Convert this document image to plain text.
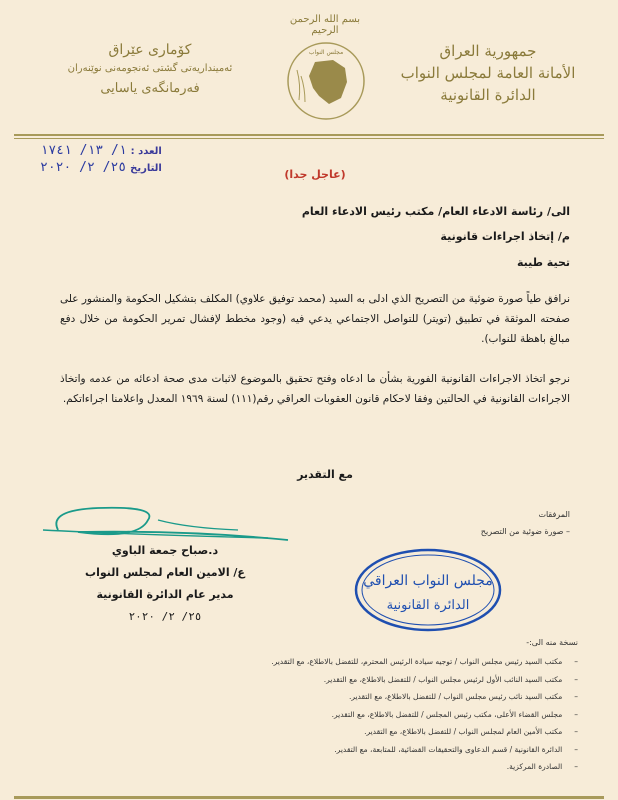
بسم الله الرحمن الرحيم
مجلس النواب	جمهورية العراق
الأمانة العامة لمجلس النواب
الدائرة القانونية
كۆماری عێراق
ئەمینداریەتی گشتی ئەنجومەنی نوێنەران
فەرمانگەی یاسایی
العدد :
١/ ١٣/ ١٧٤١
التاريخ
٢٥/ ٢/ ٢٠٢٠	(عاجل جدا)
الى/ رئاسة الادعاء العام/ مكتب رئيس الادعاء العام
م/ إتخاذ اجراءات قانونية
تحية طيبة
نرافق طياً صورة ضوئية من التصريح الذي ادلى به السيد (محمد توفيق علاوي) المكلف بتشكيل الحكومة والمنشور على صفحته الموثقة في تطبيق (تويتر) للتواصل الاجتماعي يدعي فيه (وجود مخطط لإفشال تمرير الحكومة من خلال دفع مبالغ باهظة للنواب).
نرجو اتخاذ الاجراءات القانونية الفورية بشأن ما ادعاه وفتح تحقيق بالموضوع لاثبات مدى صحة ادعائه من عدمه واتخاذ الاجراءات القانونية في الحالتين وفقا لاحكام قانون العقوبات العراقي رقم(١١١) لسنة ١٩٦٩ المعدل واعلامنا اجراءاتكم.
مع التقدير
المرفقات
– صورة ضوئية من التصريح
د.صباح جمعة الباوي
ع/ الامين العام لمجلس النواب
مدير عام الدائرة القانونية
٢٥/ ٢/ ٢٠٢٠
مجلس النواب العراقي
الدائرة القانونية
نسخة منه الى:-
– مكتب السيد رئيس مجلس النواب / توجيه سيادة الرئيس المحترم، للتفضل بالاطلاع، مع التقدير.
– مكتب السيد النائب الأول لرئيس مجلس النواب / للتفضل بالاطلاع، مع التقدير.
– مكتب السيد نائب رئيس مجلس النواب / للتفضل بالاطلاع، مع التقدير.
– مجلس القضاء الأعلى، مكتب رئيس المجلس / للتفضل بالاطلاع، مع التقدير.
– مكتب الأمين العام لمجلس النواب / للتفضل بالاطلاع، مع التقدير.
– الدائرة القانونية / قسم الدعاوى والتحقيقات القضائية، للمتابعة، مع التقدير.
– الصادرة المركزية.
